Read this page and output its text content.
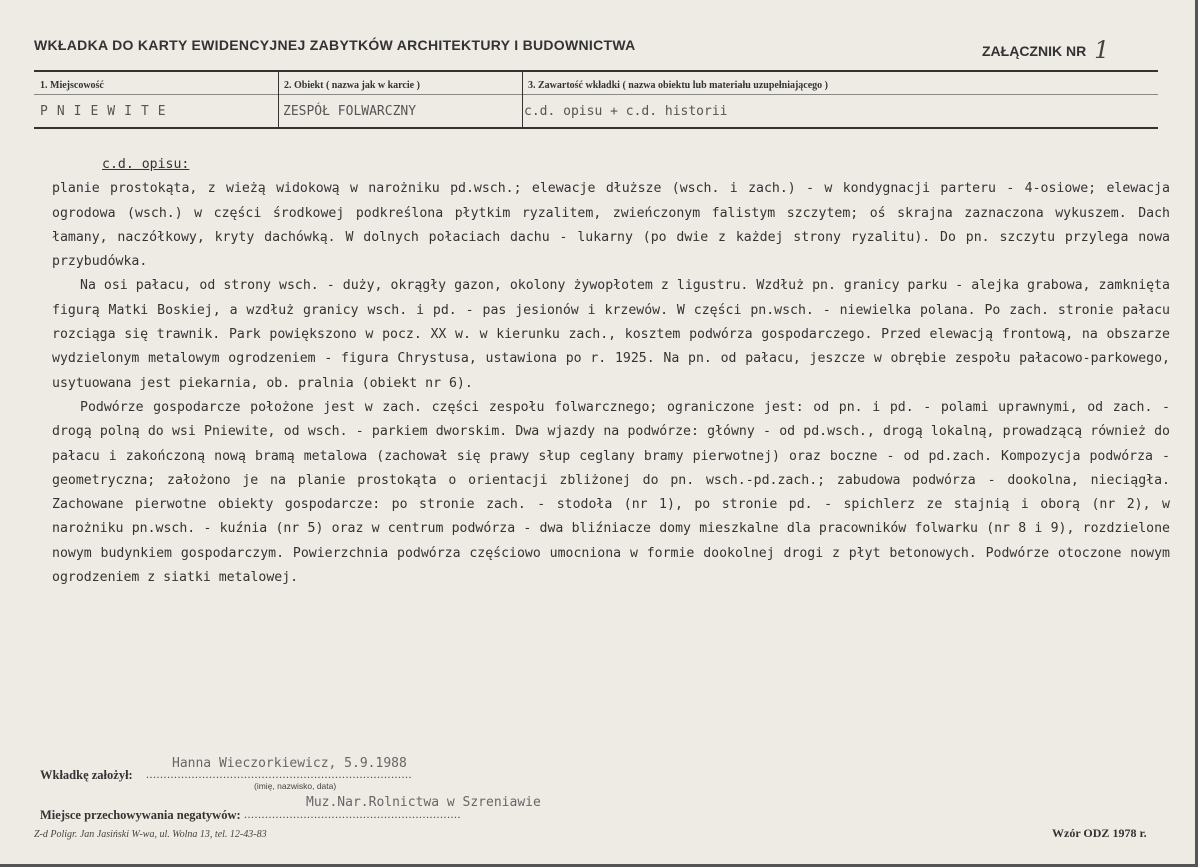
WKŁADKA DO KARTY EWIDENCYJNEJ ZABYTKÓW ARCHITEKTURY I BUDOWNICTWA	ZAŁĄCZNIK NR 1
1. Miejscowość	2. Obiekt ( nazwa jak w karcie )	3. Zawartość wkładki ( nazwa obiektu lub materiału uzupełniającego )
PNIEWITE	ZESPÓŁ FOLWARCZNY	c.d. opisu + c.d. historii
c.d. opisu:

planie prostokąta, z wieżą widokową w narożniku pd.wsch.; elewacje dłuższe (wsch. i zach.) - w kondygnacji parteru - 4-osiowe; elewacja ogrodowa (wsch.) w części środkowej podkreślona płytkim ryzalitem, zwieńczonym falistym szczytem; oś skrajna zaznaczona wykuszem. Dach łamany, naczółkowy, kryty dachówką. W dolnych połaciach dachu - lukarny (po dwie z każdej strony ryzalitu). Do pn. szczytu przylega nowa przybudówka.

Na osi pałacu, od strony wsch. - duży, okrągły gazon, okolony żywopłotem z ligustru. Wzdłuż pn. granicy parku - alejka grabowa, zamknięta figurą Matki Boskiej, a wzdłuż granicy wsch. i pd. - pas jesionów i krzewów. W części pn.wsch. - niewielka polana. Po zach. stronie pałacu rozciąga się trawnik. Park powiększono w pocz. XX w. w kierunku zach., kosztem podwórza gospodarczego. Przed elewacją frontową, na obszarze wydzielonym metalowym ogrodzeniem - figura Chrystusa, ustawiona po r. 1925. Na pn. od pałacu, jeszcze w obrębie zespołu pałacowo-parkowego, usytuowana jest piekarnia, ob. pralnia (obiekt nr 6).

Podwórze gospodarcze położone jest w zach. części zespołu folwarcznego; ograniczone jest: od pn. i pd. - polami uprawnymi, od zach. - drogą polną do wsi Pniewite, od wsch. - parkiem dworskim. Dwa wjazdy na podwórze: główny - od pd.wsch., drogą lokalną, prowadzącą również do pałacu i zakończoną nową bramą metalowa (zachował się prawy słup ceglany bramy pierwotnej) oraz boczne - od pd.zach. Kompozycja podwórza - geometryczna; założono je na planie prostokąta o orientacji zbliżonej do pn. wsch.-pd.zach.; zabudowa podwórza - dookolna, nieciągła. Zachowane pierwotne obiekty gospodarcze: po stronie zach. - stodoła (nr 1), po stronie pd. - spichlerz ze stajnią i oborą (nr 2), w narożniku pn.wsch. - kuźnia (nr 5) oraz w centrum podwórza - dwa bliźniacze domy mieszkalne dla pracowników folwarku (nr 8 i 9), rozdzielone nowym budynkiem gospodarczym. Powierzchnia podwórza częściowo umocniona w formie dookolnej drogi z płyt betonowych. Podwórze otoczone nowym ogrodzeniem z siatki metalowej.

Hanna Wieczorkiewicz, 5.9.1988
Wkładkę założył: ............................................................................
(imię, nazwisko, data)
Muz.Nar.Rolnictwa w Szreniawie
Miejsce przechowywania negatywów: ..............................................................
Z-d Poligr. Jan Jasiński W-wa, ul. Wolna 13, tel. 12-43-83	Wzór ODZ 1978 r.
